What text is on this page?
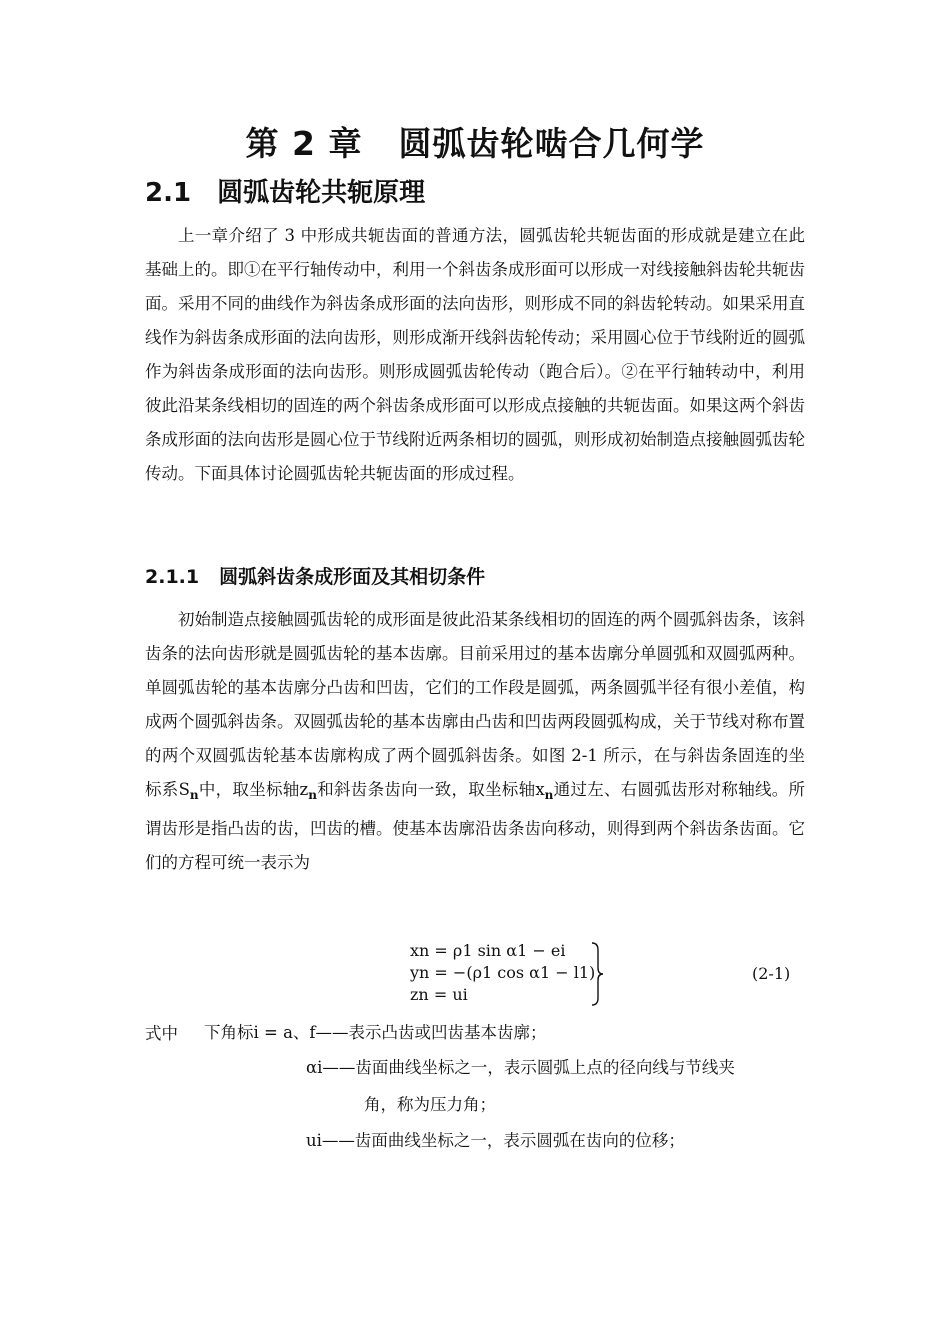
第 2 章 圆弧齿轮啮合几何学
2.1 圆弧齿轮共轭原理

上一章介绍了 3 中形成共轭齿面的普通方法，圆弧齿轮共轭齿面的形成就是建立在此基础上的。即①在平行轴传动中，利用一个斜齿条成形面可以形成一对线接触斜齿轮共轭齿面。采用不同的曲线作为斜齿条成形面的法向齿形，则形成不同的斜齿轮转动。如果采用直线作为斜齿条成形面的法向齿形，则形成渐开线斜齿轮传动；采用圆心位于节线附近的圆弧作为斜齿条成形面的法向齿形。则形成圆弧齿轮传动（跑合后）。②在平行轴转动中，利用彼此沿某条线相切的固连的两个斜齿条成形面可以形成点接触的共轭齿面。如果这两个斜齿条成形面的法向齿形是圆心位于节线附近两条相切的圆弧，则形成初始制造点接触圆弧齿轮传动。下面具体讨论圆弧齿轮共轭齿面的形成过程。

2.1.1 圆弧斜齿条成形面及其相切条件

初始制造点接触圆弧齿轮的成形面是彼此沿某条线相切的固连的两个圆弧斜齿条，该斜齿条的法向齿形就是圆弧齿轮的基本齿廓。目前采用过的基本齿廓分单圆弧和双圆弧两种。单圆弧齿轮的基本齿廓分凸齿和凹齿，它们的工作段是圆弧，两条圆弧半径有很小差值，构成两个圆弧斜齿条。双圆弧齿轮的基本齿廓由凸齿和凹齿两段圆弧构成，关于节线对称布置的两个双圆弧齿轮基本齿廓构成了两个圆弧斜齿条。如图 2-1 所示，在与斜齿条固连的坐标系$S_n$中，取坐标轴$z_n$和斜齿条齿向一致，取坐标轴$x_n$通过左、右圆弧齿形对称轴线。所谓齿形是指凸齿的齿，凹齿的槽。使基本齿廓沿齿条齿向移动，则得到两个斜齿条齿面。它们的方程可统一表示为

xn = ρ1 sin α1 − ei
yn = −(ρ1 cos α1 − l1)
zn = ui
(2-1)
式中 下角标i = a、f——表示凸齿或凹齿基本齿廓；

αi——齿面曲线坐标之一，表示圆弧上点的径向线与节线夹

角，称为压力角；

ui——齿面曲线坐标之一，表示圆弧在齿向的位移；
